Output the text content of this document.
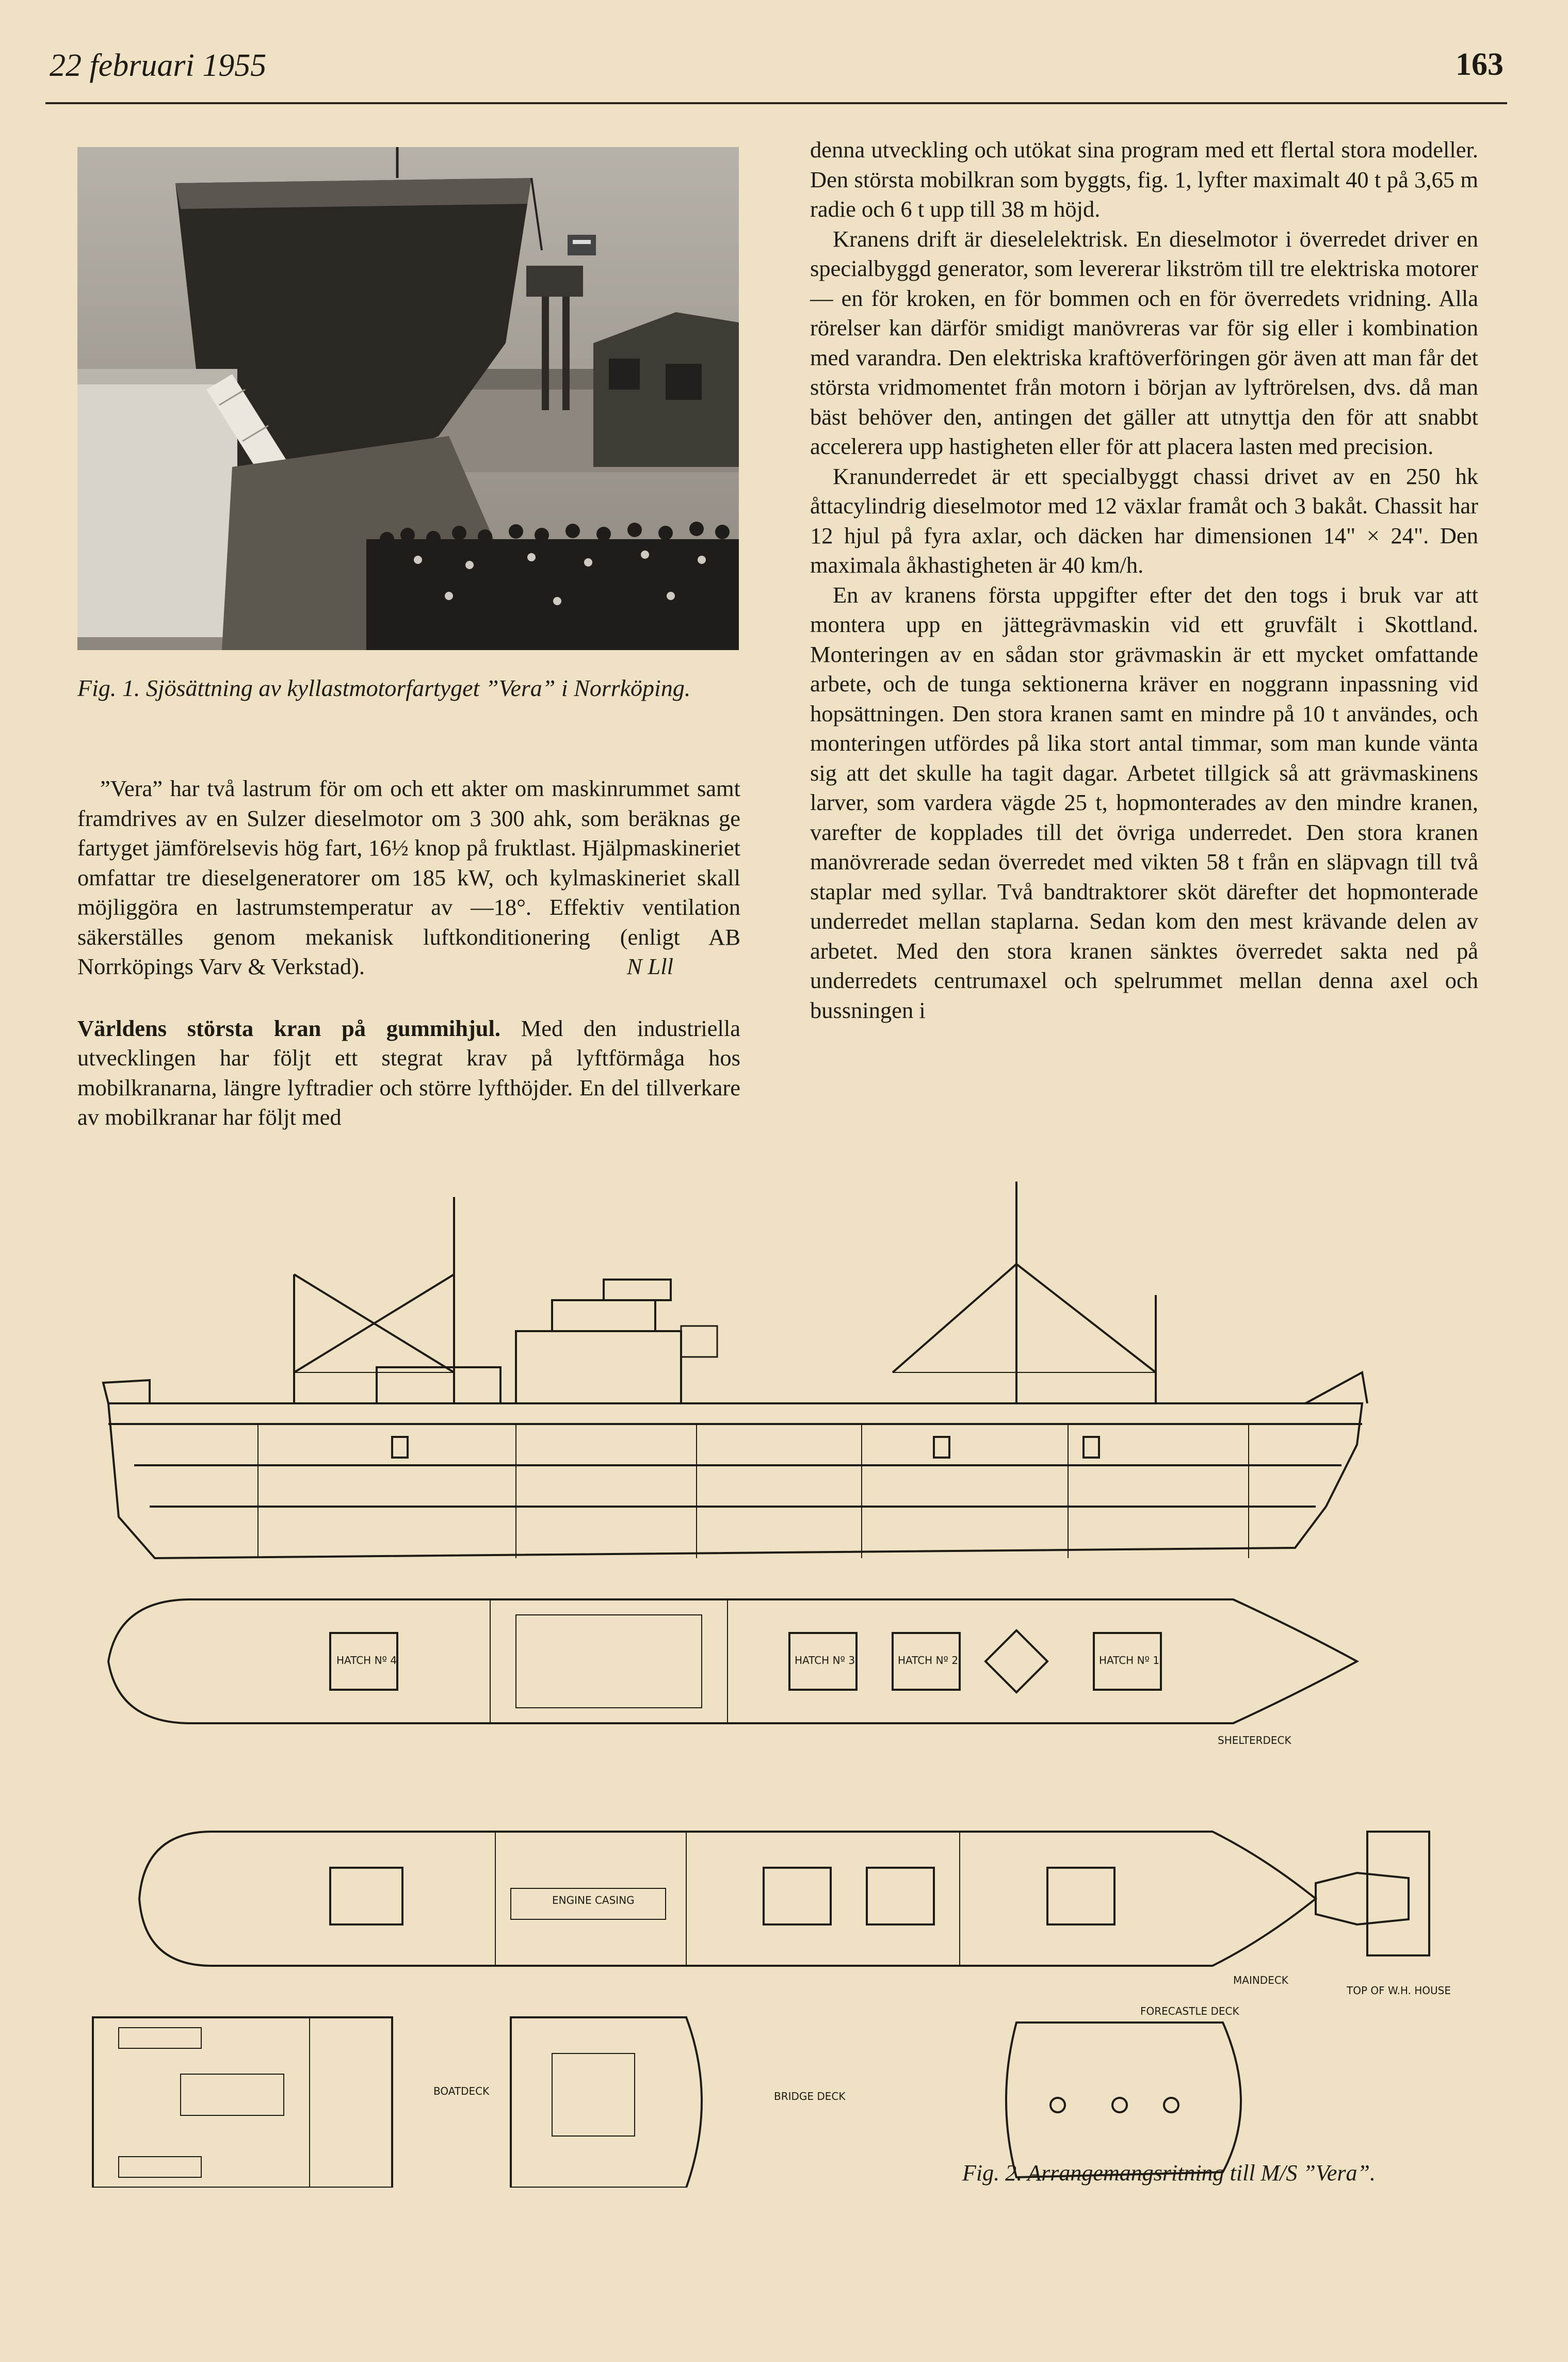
22 februari 1955	163
Fig. 1. Sjösättning av kyllastmotorfartyget ”Vera” i Norrköping.

”Vera” har två lastrum för om och ett akter om maskinrummet samt framdrives av en Sulzer dieselmotor om 3 300 ahk, som beräknas ge fartyget jämförelsevis hög fart, 16½ knop på fruktlast. Hjälpmaskineriet omfattar tre dieselgeneratorer om 185 kW, och kylmaskineriet skall möjliggöra en lastrumstemperatur av —18°. Effektiv ventilation säkerställes genom mekanisk luftkonditionering (enligt AB Norrköpings Varv & Verkstad).	N Lll

Världens största kran på gummihjul. Med den industriella utvecklingen har följt ett stegrat krav på lyftförmåga hos mobilkranarna, längre lyftradier och större lyfthöjder. En del tillverkare av mobilkranar har följt med

denna utveckling och utökat sina program med ett flertal stora modeller. Den största mobilkran som byggts, fig. 1, lyfter maximalt 40 t på 3,65 m radie och 6 t upp till 38 m höjd.

Kranens drift är dieselelektrisk. En dieselmotor i överredet driver en specialbyggd generator, som levererar likström till tre elektriska motorer — en för kroken, en för bommen och en för överredets vridning. Alla rörelser kan därför smidigt manövreras var för sig eller i kombination med varandra. Den elektriska kraftöverföringen gör även att man får det största vridmomentet från motorn i början av lyftrörelsen, dvs. då man bäst behöver den, antingen det gäller att utnyttja den för att snabbt accelerera upp hastigheten eller för att placera lasten med precision.

Kranunderredet är ett specialbyggt chassi drivet av en 250 hk åttacylindrig dieselmotor med 12 växlar framåt och 3 bakåt. Chassit har 12 hjul på fyra axlar, och däcken har dimensionen 14" × 24". Den maximala åkhastigheten är 40 km/h.

En av kranens första uppgifter efter det den togs i bruk var att montera upp en jättegrävmaskin vid ett gruvfält i Skottland. Monteringen av en sådan stor grävmaskin är ett mycket omfattande arbete, och de tunga sektionerna kräver en noggrann inpassning vid hopsättningen. Den stora kranen samt en mindre på 10 t användes, och monteringen utfördes på lika stort antal timmar, som man kunde vänta sig att det skulle ha tagit dagar. Arbetet tillgick så att grävmaskinens larver, som vardera vägde 25 t, hopmonterades av den mindre kranen, varefter de kopplades till det övriga underredet. Den stora kranen manövrerade sedan överredet med vikten 58 t från en släpvagn till två staplar med syllar. Två bandtraktorer sköt därefter det hopmonterade underredet mellan staplarna. Sedan kom den mest krävande delen av arbetet. Med den stora kranen sänktes överredet sakta ned på underredets centrumaxel och spelrummet mellan denna axel och bussningen i

SHELTERDECK
MAINDECK
TOP OF W.H. HOUSE
FORECASTLE DECK
BOATDECK	BRIDGE DECK
ENGINE CASING
HATCH Nº 4	HATCH Nº 3	HATCH Nº 2	HATCH Nº 1
Fig. 2. Arrangemangsritning till M/S ”Vera”.
